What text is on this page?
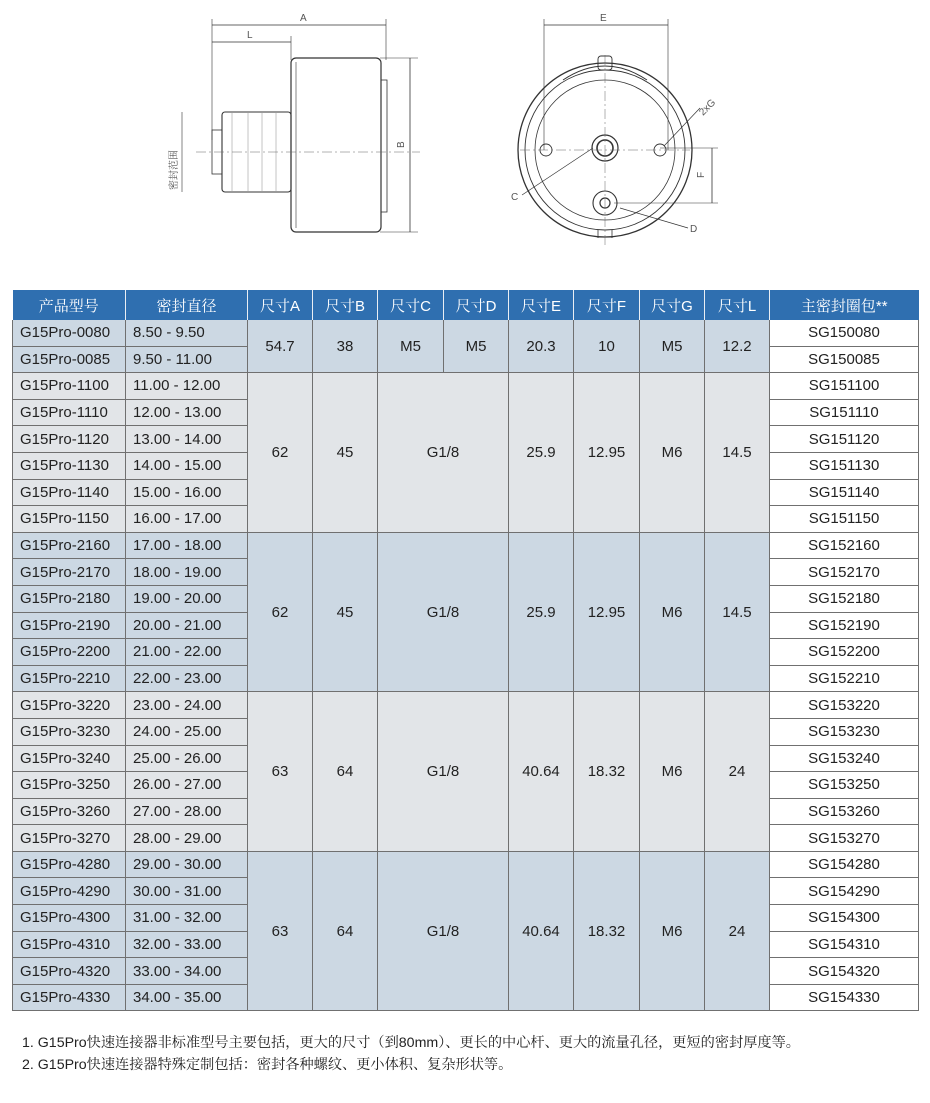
A
L
B
E
F
C
D
2xG
密封范围
产品型号	密封直径	尺寸A	尺寸B	尺寸C	尺寸D	尺寸E	尺寸F	尺寸G	尺寸L	主密封圈包**
G15Pro-0080	8.50 - 9.50	54.7	38	M5	M5	20.3	10	M5	12.2	SG150080
G15Pro-0085	9.50 - 11.00									SG150085
G15Pro-1100	11.00 - 12.00	62	45	G1/8		25.9	12.95	M6	14.5	SG151100
G15Pro-1110	12.00 - 13.00									SG151110
G15Pro-1120	13.00 - 14.00									SG151120
G15Pro-1130	14.00 - 15.00									SG151130
G15Pro-1140	15.00 - 16.00									SG151140
G15Pro-1150	16.00 - 17.00									SG151150
G15Pro-2160	17.00 - 18.00	62	45	G1/8		25.9	12.95	M6	14.5	SG152160
G15Pro-2170	18.00 - 19.00									SG152170
G15Pro-2180	19.00 - 20.00									SG152180
G15Pro-2190	20.00 - 21.00									SG152190
G15Pro-2200	21.00 - 22.00									SG152200
G15Pro-2210	22.00 - 23.00									SG152210
G15Pro-3220	23.00 - 24.00	63	64	G1/8		40.64	18.32	M6	24	SG153220
G15Pro-3230	24.00 - 25.00									SG153230
G15Pro-3240	25.00 - 26.00									SG153240
G15Pro-3250	26.00 - 27.00									SG153250
G15Pro-3260	27.00 - 28.00									SG153260
G15Pro-3270	28.00 - 29.00									SG153270
G15Pro-4280	29.00 - 30.00	63	64	G1/8		40.64	18.32	M6	24	SG154280
G15Pro-4290	30.00 - 31.00									SG154290
G15Pro-4300	31.00 - 32.00									SG154300
G15Pro-4310	32.00 - 33.00									SG154310
G15Pro-4320	33.00 - 34.00									SG154320
G15Pro-4330	34.00 - 35.00									SG154330

1. G15Pro快速连接器非标准型号主要包括，更大的尺寸（到80mm）、更长的中心杆、更大的流量孔径，更短的密封厚度等。

2. G15Pro快速连接器特殊定制包括：密封各种螺纹、更小体积、复杂形状等。
